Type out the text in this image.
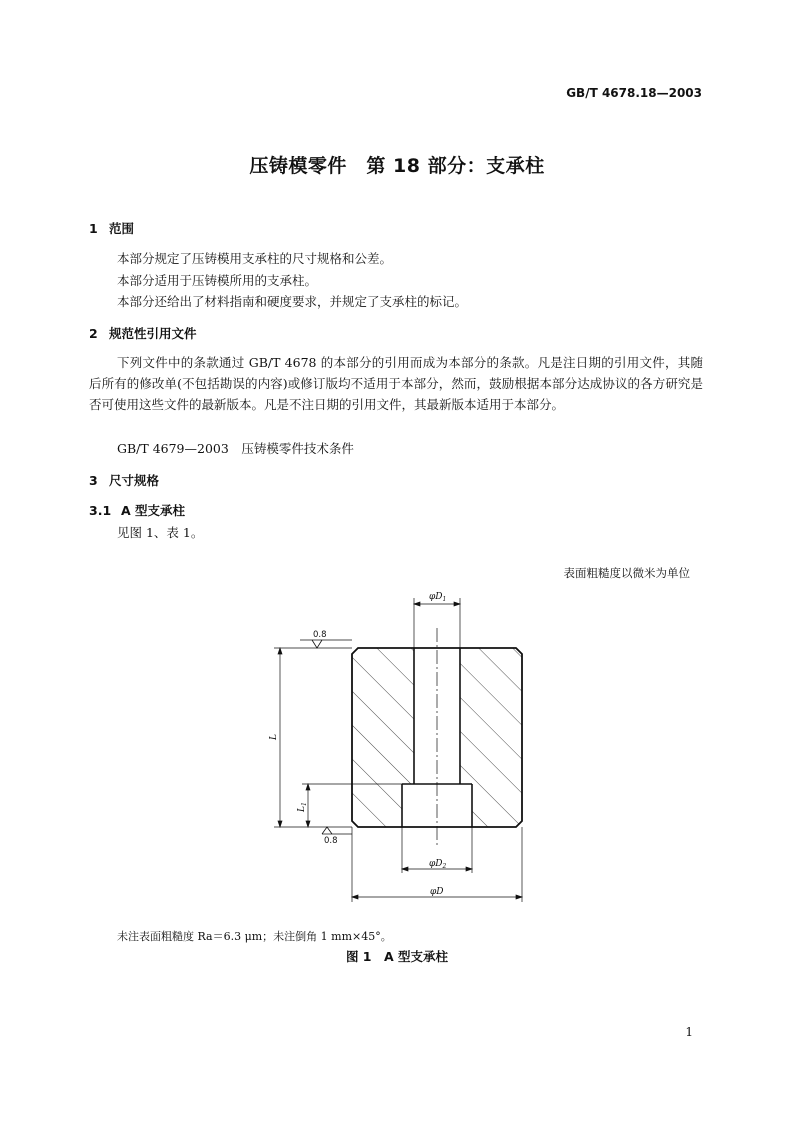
GB/T 4678.18—2003
压铸模零件　第 18 部分：支承柱
1 范围
本部分规定了压铸模用支承柱的尺寸规格和公差。
本部分适用于压铸模所用的支承柱。
本部分还给出了材料指南和硬度要求，并规定了支承柱的标记。
2 规范性引用文件
下列文件中的条款通过 GB/T 4678 的本部分的引用而成为本部分的条款。凡是注日期的引用文件，其随后所有的修改单(不包括勘误的内容)或修订版均不适用于本部分，然而，鼓励根据本部分达成协议的各方研究是否可使用这些文件的最新版本。凡是不注日期的引用文件，其最新版本适用于本部分。
GB/T 4679—2003　压铸模零件技术条件
3 尺寸规格
3.1 A 型支承柱
见图 1、表 1。
表面粗糙度以微米为单位
$\varphi D_1$
$\varphi D_2$
φD
L
$L_1$
0.8
0.8
未注表面粗糙度 Ra＝6.3 μm；未注倒角 1 mm×45°。
图 1　A 型支承柱
1
